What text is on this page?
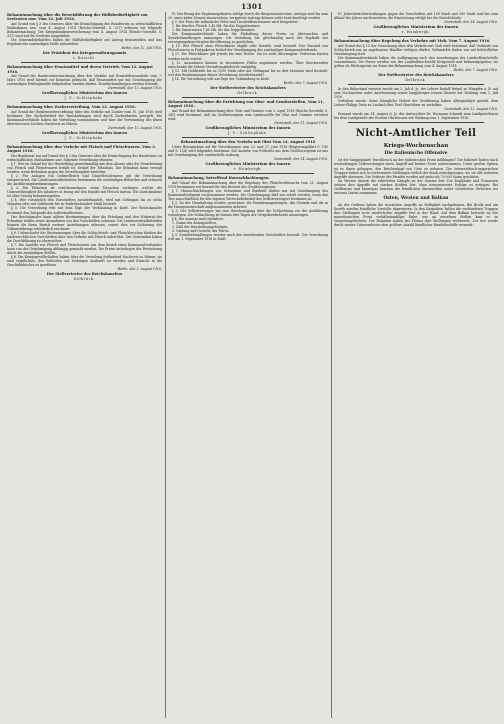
1301
Bekanntmachung über die Beweisführung der Hülfsbedürftigkeit von Seeleuten usw. Vom 12. Juli 1916.
Auf Grund von § 3 des Gesetzes über die Ermächtigung des Bundesrats zu wirtschaftlichen Maßnahmen usw. vom 4. August 1914 (Reichs-Gesetzbl. S. 327) erlassen wir folgende Bekanntmachung. Die Kriegskrankenversicherung vom 4. August 1914 (Reichs-Gesetzbl. S. 337) wird auf die Seeleute ausgedehnt.
Die Gemeindebehörden haben die Hülfsbedürftigkeit auf Antrag festzustellen und das Ergebnis der zuständigen Stelle mitzuteilen.
Berlin, den 12. Juli 1916.
Der Präsident des Kriegsernährungsamts
v. Batocki.
Bekanntmachung über Ersatzmittel und deren Vertrieb. Vom 12. August 1916.
Auf Grund der Bundesratsverordnung über den Verkehr mit Ersatzlebensmitteln vom 7. März 1916 wird hiermit zur Kenntnis gebracht, daß Ersatzmittel nur mit Genehmigung der zuständigen Prüfungsstelle feilgehalten werden dürfen. Zuwiderhandlungen werden bestraft.
Darmstadt, den 12. August 1916.
Großherzogliches Ministerium des Innern
J. V.: Schliephake.
Bekanntmachung über Zuckerverteilung. Vom 12. August 1916.
Auf Grund der Bundesratsverordnung über den Verkehr mit Zucker vom 10. Juli 1916 wird bestimmt: Der Zuckerbedarf der Haushaltungen wird durch Zuckerkarten geregelt. Die Kommunalverbände haben die Verteilung vorzunehmen und über die Verwendung des ihnen überwiesenen Zuckers Nachweis zu führen.
Darmstadt, den 12. August 1916.
Großherzogliches Ministerium des Innern
J. V.: Schliephake.
Bekanntmachung über den Verkehr mit Fleisch und Fleischwaren. Vom 3. August 1916.
Der Bundesrat hat auf Grund des § 3 des Gesetzes über die Ermächtigung des Bundesrats zu wirtschaftlichen Maßnahmen usw. folgende Verordnung erlassen:
§ 1. Wer im Inland bei der Herstellung gewerbsmäßig mit dem Absatz oder der Verarbeitung von Fleisch und Fleischwaren befaßt ist, bedarf der Erlaubnis. Die Erlaubnis kann versagt werden, wenn Bedenken gegen die Zuverlässigkeit bestehen.
§ 2. Für Anlagen von Gefrierfleisch und Dauerfleischwaren gilt die Verordnung entsprechend. Die Landeszentralbehörden bestimmen die zuständigen Behörden und erlassen die Ausführungsbestimmungen.
§ 3. Die Erlaubnis ist zurückzunehmen, wenn Tatsachen vorliegen, welche die Unzuverlässigkeit des Inhabers in bezug auf den Handel mit Fleisch dartun. Die Zurücknahme ist ohne Verzug bekanntzugeben.
§ 4. Wer vorsätzlich den Vorschriften zuwiderhandelt, wird mit Gefängnis bis zu sechs Monaten oder mit Geldstrafe bis zu fünfzehnhundert Mark bestraft.
§ 5. Die Verordnung tritt mit dem Tage der Verkündung in Kraft. Der Reichskanzler bestimmt den Zeitpunkt des Außerkrafttretens.
Der Reichskanzler kann nähere Bestimmungen über die Erteilung und den Widerruf der Erlaubnis treffen sowie Ausnahmen von den Vorschriften zulassen. Die Landeszentralbehörden können für ihren Bezirk weitere Anordnungen erlassen, soweit dies zur Sicherung der Volksernährung erforderlich erscheint.
§ 6. Unbeschadet der Bestimmungen über die Schlachtvieh- und Fleischbeschau bleiben die landesrechtlichen Vorschriften über den Verkehr mit Fleisch unberührt. Die Gemeinden haben die Durchführung zu überwachen.
§ 7. Die Ausfuhr von Fleisch und Fleischwaren aus dem Bezirk eines Kommunalverbandes kann von der Genehmigung abhängig gemacht werden. Die Preise unterliegen der Festsetzung durch die zuständigen Stellen.
§ 8. Die Kriegsgesellschaften haben über die Verteilung fortlaufend Nachweis zu führen; sie sind verpflichtet, den Behörden auf Verlangen Auskunft zu erteilen und Einsicht in die Geschäftsbücher zu gewähren.
Berlin, den 3. August 1916.
Der Stellvertreter des Reichskanzlers
Delbrück.
IV. Der Bezug der Ergänzungskarten erfolgt durch die Bürgermeistereien. Anträge sind bis zum 20. eines jeden Monats einzureichen; verspätete Anträge können nicht berücksichtigt werden.
§ 9. Der Preis für inländische Fette und Trockenfleischwaren wird festgesetzt:
1. für frisches Fleisch 1,40 Mk. für das Doppelzentner,
2. für Dauerwaren 1,80 Mk. für das Doppelzentner.
Die Kommunalverbände haben die Einhaltung dieser Preise zu überwachen und Zuwiderhandlungen anzuzeigen. Die Verteilung hat gleichmäßig nach der Kopfzahl der versorgungsberechtigten Bevölkerung zu geschehen.
§ 10. Wer Fleisch ohne Fleischkarte abgibt oder bezieht, wird bestraft. Der Versand von Fleischwaren in Postpaketen bedarf der Genehmigung des zuständigen Kommunalverbands.
§ 11. Die Fleischkarte gilt jeweils für eine Woche. Sie ist nicht übertragbar. Verlorene Karten werden nicht ersetzt.
§ 12. Ausnahmen können in besonderen Fällen zugelassen werden. Über Beschwerden entscheidet die höhere Verwaltungsbehörde endgültig.
§ 13. Mit Geldstrafe bis zu 1500 Mark oder mit Gefängnis bis zu drei Monaten wird bestraft, wer den Bestimmungen dieser Verordnung zuwiderhandelt.
§ 14. Die Verordnung tritt am Tage der Verkündung in Kraft.
Berlin, den 7. August 1916.
Der Stellvertreter des Reichskanzlers
Delbrück.
Bekanntmachung über die Errichtung von Obst- und Gemüsestellen. Vom 11. August 1916.
Auf Grund der Bekanntmachung über Obst und Gemüse vom 3. April 1916 (Reichs-Gesetzbl. S. 241) wird bestimmt, daß im Großherzogtum eine Landesstelle für Obst und Gemüse errichtet wird.
Darmstadt, den 11. August 1916.
Großherzogliches Ministerium des Innern
J. V.: Schliephake.
Bekanntmachung über den Verkehr mit Obst Vom 14. August 1916
Unter Bezugnahme auf die Verordnungen vom 22. und 27. Juni 1916 (Regierungsblatt S. 145 und S. 154) wird folgendes bestimmt: Die Ausfuhr von Frühobst aus dem Großherzogtum ist nur mit Genehmigung der Landesstelle zulässig.
Darmstadt, den 14. August 1916.
Großherzogliches Ministerium des Innern
v. Hombergk.
Bekanntmachung, betreffend Hausschlachtungen.
Auf Grund der Bekanntmachung über die Regelung des Fleischverbrauchs vom 21. August 1916 bestimmen wir hiermit für den Bereich des Großherzogtums:
§ 1. Hausschlachtungen von Schweinen und Rindvieh dürfen nur mit Genehmigung des Kommunalverbands vorgenommen werden. Die Genehmigung darf nur erteilt werden, wenn das Tier ausschließlich für den eigenen Wirtschaftsbedarf des Selbstversorgers bestimmt ist.
§ 2. Zu der Haushaltung werden gerechnet: die Familienangehörigen, das Gesinde und die in die Hausgemeinschaft aufgenommenen Arbeiter.
§ 3. Der Selbstversorger hat eine Bescheinigung über die Schlachtung vor der Ausführung vorzulegen. Die Schlachtung ist binnen drei Tagen der Ortspolizeibehörde anzuzeigen.
§ 4. Die Anzeige muß enthalten:
1. Name des Antragstellers,
2. Zahl der Haushaltsangehörigen,
3. Gattung und Gewicht des Tieres.
§ 5. Zuwiderhandlungen werden nach den bestehenden Vorschriften bestraft. Die Verordnung tritt am 1. September 1916 in Kraft.
IV. Jahresberichterstattungen gegen die Vorschriften mit 100 Mark und 300 Mark sind bis zum Ablauf des Jahres nachzuweisen; die Einreichung erfolgt bei der Kreisbehörde.
Darmstadt, den 14. August 1916.
Großherzogliches Ministerium des Innern
v. Hombergk.
Bekanntmachung über Regelung des Verkehrs mit Vieh. Vom 7. August 1916.
Auf Grund des § 15 der Verordnung über den Verkehr mit Vieh wird bestimmt, daß Verkäufe von Schlachtvieh nur an zugelassene Händler erfolgen dürfen. Viehmärkte finden nur mit behördlicher Genehmigung statt.
Die Kommunalverbände haben die Aufbringung nach den Anordnungen der Landesfleischstelle vorzunehmen. Die Preise werden von der Landesfleischstelle festgesetzt und bekanntgegeben; sie gelten als Höchstpreise im Sinne der Bekanntmachung vom 4. August 1914.
Berlin, den 7. August 1916.
Der Stellvertreter des Reichskanzlers
Delbrück.
In den Ruhestand versetzt wurde am 3. Juli d. Js. der Lehrer Rudolf Weigel zu Wimpfen a. B. auf sein Nachsuchen unter Anerkennung seiner langjährigen treuen Dienste mit Wirkung vom 1. Juli 1916.
Verliehen wurde: Seine Königliche Hoheit der Großherzog haben Allergnädigst geruht, dem Lehrer Philipp Dietz zu Laubach den Titel Oberlehrer zu verleihen.
Darmstadt, den 12. August 1916.
Ernannt wurde am 14. August d. Js. der Amtsrichter Dr. Hermann Schmidt zum Landgerichtsrat bei dem Landgericht der Provinz Oberhessen mit Wirkung vom 1. September 1916.
Nicht-Amtlicher Teil
Kriegs-Wochenschau
Die italienische Offensive
Ist der langgeplante Durchbruch an der italienischen Front mißlungen? Die Italiener haben nach wochenlangen Vorbereitungen einen Angriff auf breiter Front unternommen. Unter großen Opfern ist es ihnen gelungen, den Brückenkopf von Görz zu nehmen. Die österreichisch-ungarischen Truppen haben sich in vorbereitete Stellungen östlich der Stadt zurückgezogen, wo sie alle weiteren Angriffe abwiesen. Die Verluste des Feindes werden auf mehr als 70 000 Mann geschätzt.
Im Westen dauern die erbitterten Kämpfe an der Somme fort. Die Engländer und Franzosen setzten ihre Angriffe mit starken Kräften fort, ohne nennenswerte Erfolge zu erringen. Bei Guillemont und Maurepas brachen die feindlichen Sturmwellen unter schwersten Verlusten vor unseren Linien zusammen.
Osten, Westen und Balkan
An der Ostfront haben die russischen Angriffe an Heftigkeit nachgelassen. Bei Brody und am Sereth wurden feindliche Vorstöße abgewiesen. In den Karpathen halten die verbündeten Truppen ihre Stellungen trotz wiederholter Angriffe fest in der Hand. Auf dem Balkan herrscht an der mazedonischen Front verhältnismäßige Ruhe; nur an einzelnen Stellen kam es zu Vorpostengefechten. Die Bulgaren haben bei Florina ihre Stellungen verbessert. Zur See wurde durch unsere Unterseeboote eine größere Anzahl feindlicher Handelsschiffe versenkt.
